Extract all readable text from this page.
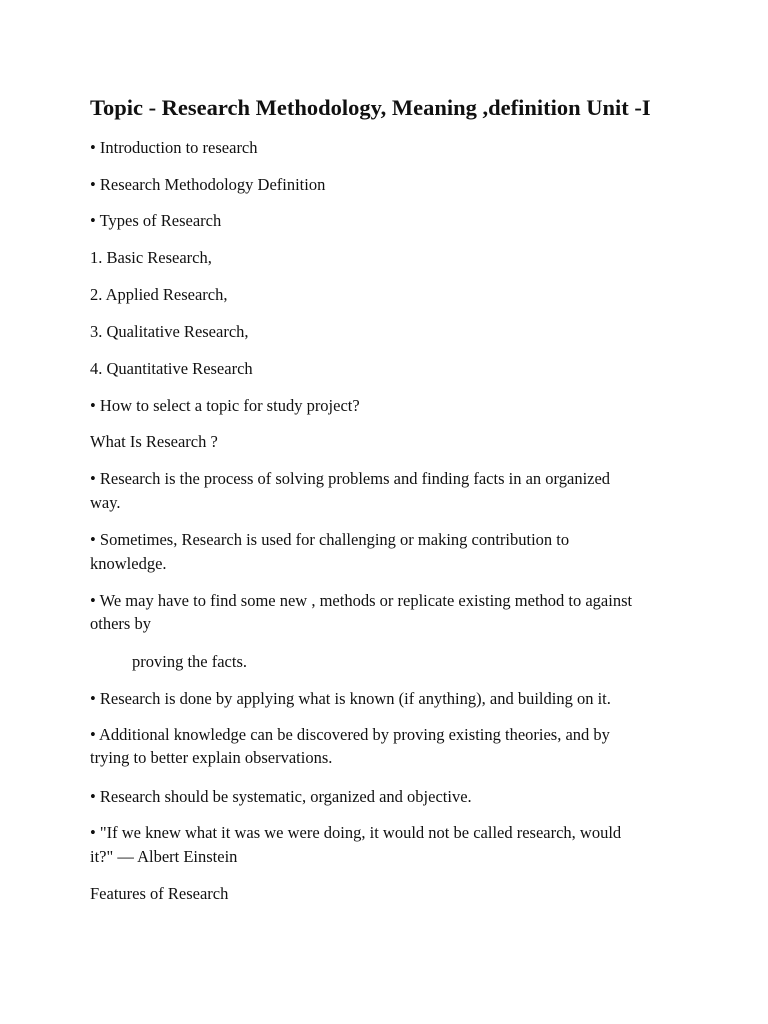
Topic - Research Methodology, Meaning ,definition Unit -I

• Introduction to research

• Research Methodology Definition

• Types of Research

1. Basic Research,

2. Applied Research,

3. Qualitative Research,

4. Quantitative Research

• How to select a topic for study project?

What Is Research ?

• Research is the process of solving problems and finding facts in an organized

way.

• Sometimes, Research is used for challenging or making contribution to

knowledge.

• We may have to find some new , methods or replicate existing method to against

others by

proving the facts.

• Research is done by applying what is known (if anything), and building on it.

• Additional knowledge can be discovered by proving existing theories, and by

trying to better explain observations.

• Research should be systematic, organized and objective.

• "If we knew what it was we were doing, it would not be called research, would

it?" — Albert Einstein

Features of Research
